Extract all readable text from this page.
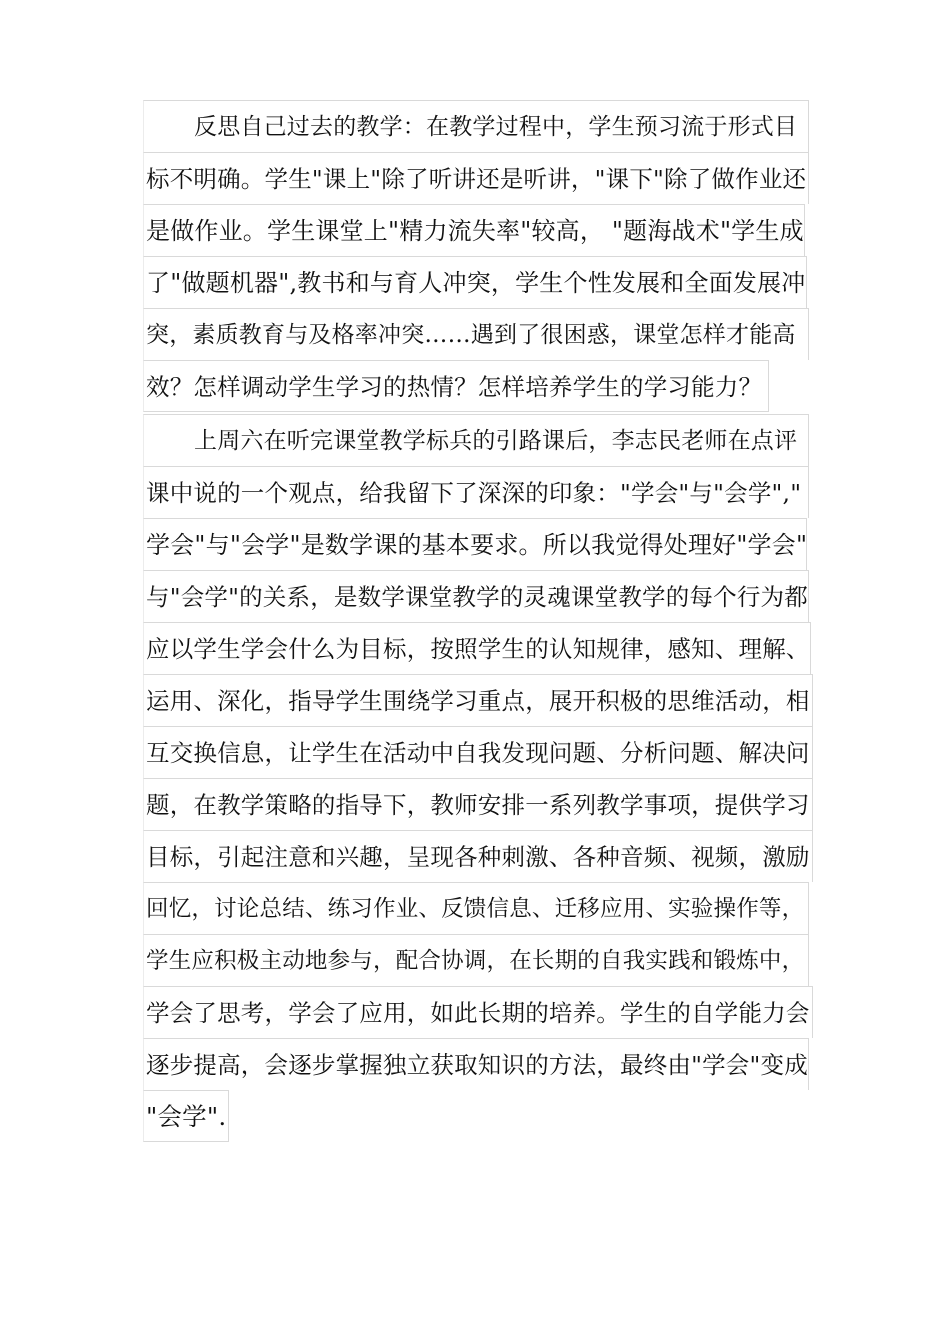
反思自己过去的教学：在教学过程中，学生预习流于形式目
标不明确。学生"课上"除了听讲还是听讲，"课下"除了做作业还
是做作业。学生课堂上"精力流失率"较高， "题海战术"学生成
了"做题机器",教书和与育人冲突，学生个性发展和全面发展冲
突，素质教育与及格率冲突……遇到了很困惑，课堂怎样才能高
效？怎样调动学生学习的热情？怎样培养学生的学习能力？
上周六在听完课堂教学标兵的引路课后，李志民老师在点评
课中说的一个观点，给我留下了深深的印象："学会"与"会学","
学会"与"会学"是数学课的基本要求。所以我觉得处理好"学会"
与"会学"的关系，是数学课堂教学的灵魂课堂教学的每个行为都
应以学生学会什么为目标，按照学生的认知规律，感知、理解、
运用、深化，指导学生围绕学习重点，展开积极的思维活动，相
互交换信息，让学生在活动中自我发现问题、分析问题、解决问
题，在教学策略的指导下，教师安排一系列教学事项，提供学习
目标，引起注意和兴趣，呈现各种刺激、各种音频、视频，激励
回忆，讨论总结、练习作业、反馈信息、迁移应用、实验操作等，
学生应积极主动地参与，配合协调，在长期的自我实践和锻炼中，
学会了思考，学会了应用，如此长期的培养。学生的自学能力会
逐步提高，会逐步掌握独立获取知识的方法，最终由"学会"变成
"会学".
